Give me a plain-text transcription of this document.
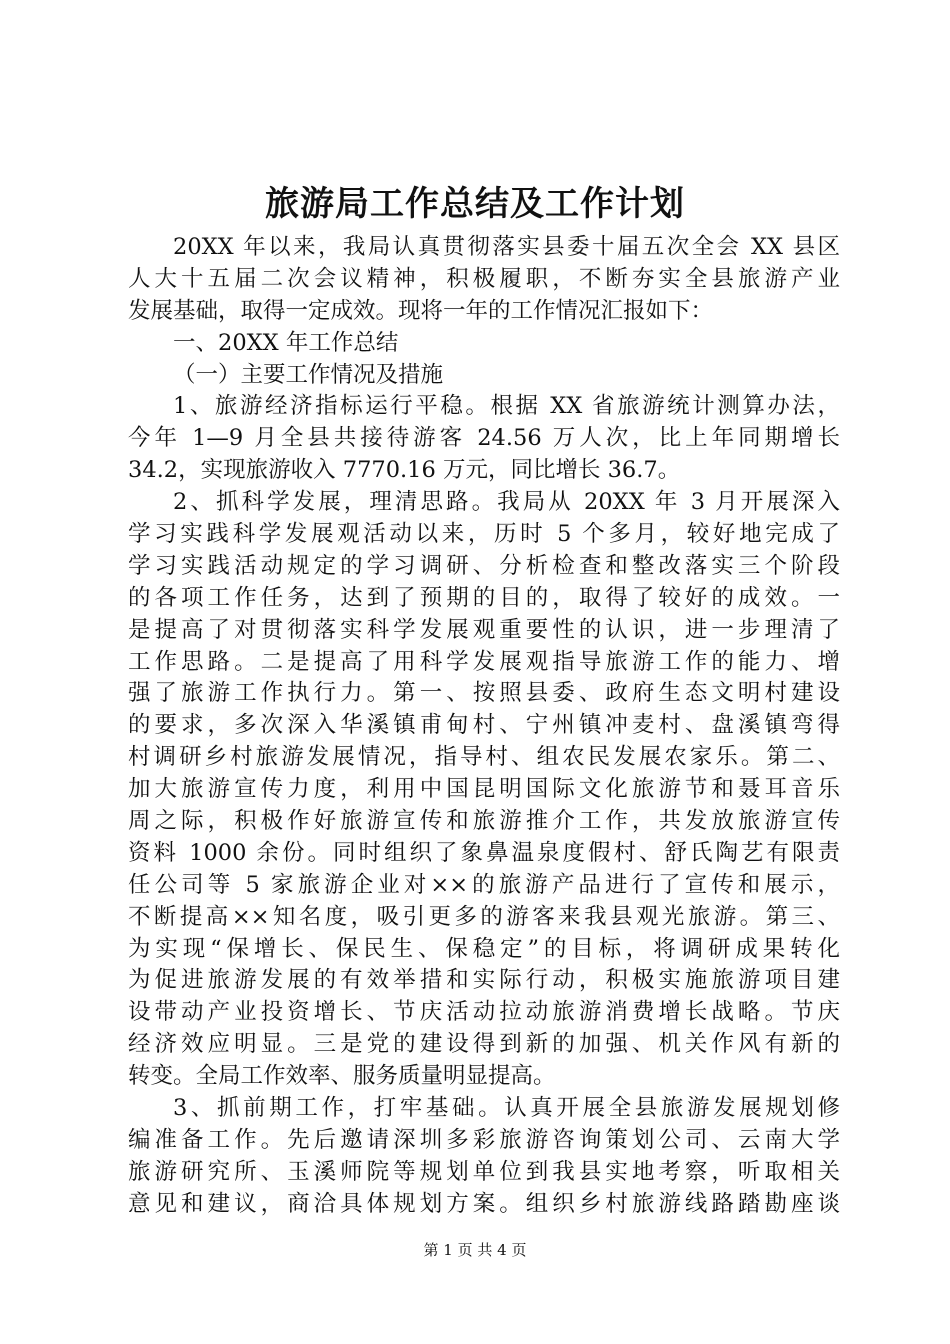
旅游局工作总结及工作计划
20XX 年以来，我局认真贯彻落实县委十届五次全会 XX 县区
人大十五届二次会议精神，积极履职，不断夯实全县旅游产业
发展基础，取得一定成效。现将一年的工作情况汇报如下：
一、20XX 年工作总结
（一）主要工作情况及措施
1、旅游经济指标运行平稳。根据 XX 省旅游统计测算办法，
今年 1—9 月全县共接待游客 24.56 万人次，比上年同期增长
34.2，实现旅游收入 7770.16 万元，同比增长 36.7。
2、抓科学发展，理清思路。我局从 20XX 年 3 月开展深入
学习实践科学发展观活动以来，历时 5 个多月，较好地完成了
学习实践活动规定的学习调研、分析检查和整改落实三个阶段
的各项工作任务，达到了预期的目的，取得了较好的成效。一
是提高了对贯彻落实科学发展观重要性的认识，进一步理清了
工作思路。二是提高了用科学发展观指导旅游工作的能力、增
强了旅游工作执行力。第一、按照县委、政府生态文明村建设
的要求，多次深入华溪镇甫甸村、宁州镇冲麦村、盘溪镇弯得
村调研乡村旅游发展情况，指导村、组农民发展农家乐。第二、
加大旅游宣传力度，利用中国昆明国际文化旅游节和聂耳音乐
周之际，积极作好旅游宣传和旅游推介工作，共发放旅游宣传
资料 1000 余份。同时组织了象鼻温泉度假村、舒氏陶艺有限责
任公司等 5 家旅游企业对××的旅游产品进行了宣传和展示，
不断提高××知名度，吸引更多的游客来我县观光旅游。第三、
为实现“保增长、保民生、保稳定”的目标，将调研成果转化
为促进旅游发展的有效举措和实际行动，积极实施旅游项目建
设带动产业投资增长、节庆活动拉动旅游消费增长战略。节庆
经济效应明显。三是党的建设得到新的加强、机关作风有新的
转变。全局工作效率、服务质量明显提高。
3、抓前期工作，打牢基础。认真开展全县旅游发展规划修
编准备工作。先后邀请深圳多彩旅游咨询策划公司、云南大学
旅游研究所、玉溪师院等规划单位到我县实地考察，听取相关
意见和建议，商洽具体规划方案。组织乡村旅游线路踏勘座谈
第 1 页 共 4 页
